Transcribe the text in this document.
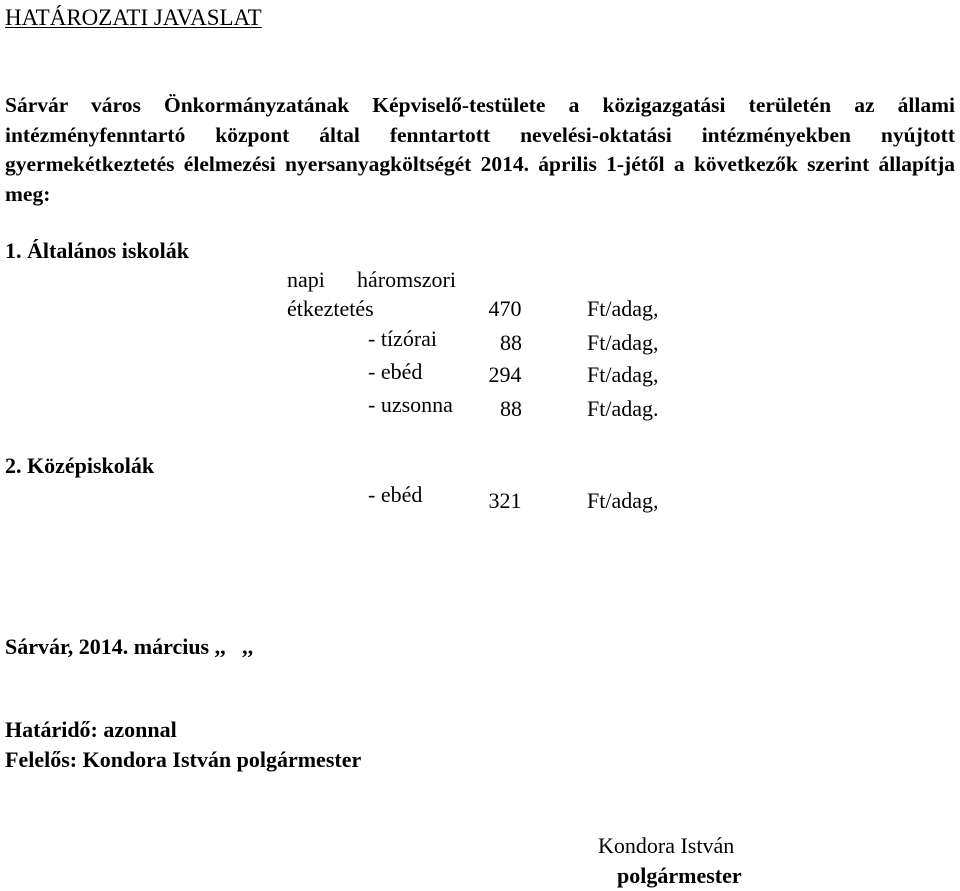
HATÁROZATI JAVASLAT
Sárvár város Önkormányzatának Képviselő-testülete a közigazgatási területén az állami intézményfenntartó központ által fenntartott nevelési-oktatási intézményekben nyújtott gyermekétkeztetés élelmezési nyersanyagköltségét 2014. április 1-jétől a következők szerint állapítja meg:
1. Általános iskolák
napi háromszori
étkeztetés	470	Ft/adag,
- tízórai	88	Ft/adag,
- ebéd	294	Ft/adag,
- uzsonna	88	Ft/adag.
2. Középiskolák
- ebéd	321	Ft/adag,
Sárvár, 2014. március ,,   ,,
Határidő: azonnal
Felelős: Kondora István polgármester
Kondora István
polgármester
